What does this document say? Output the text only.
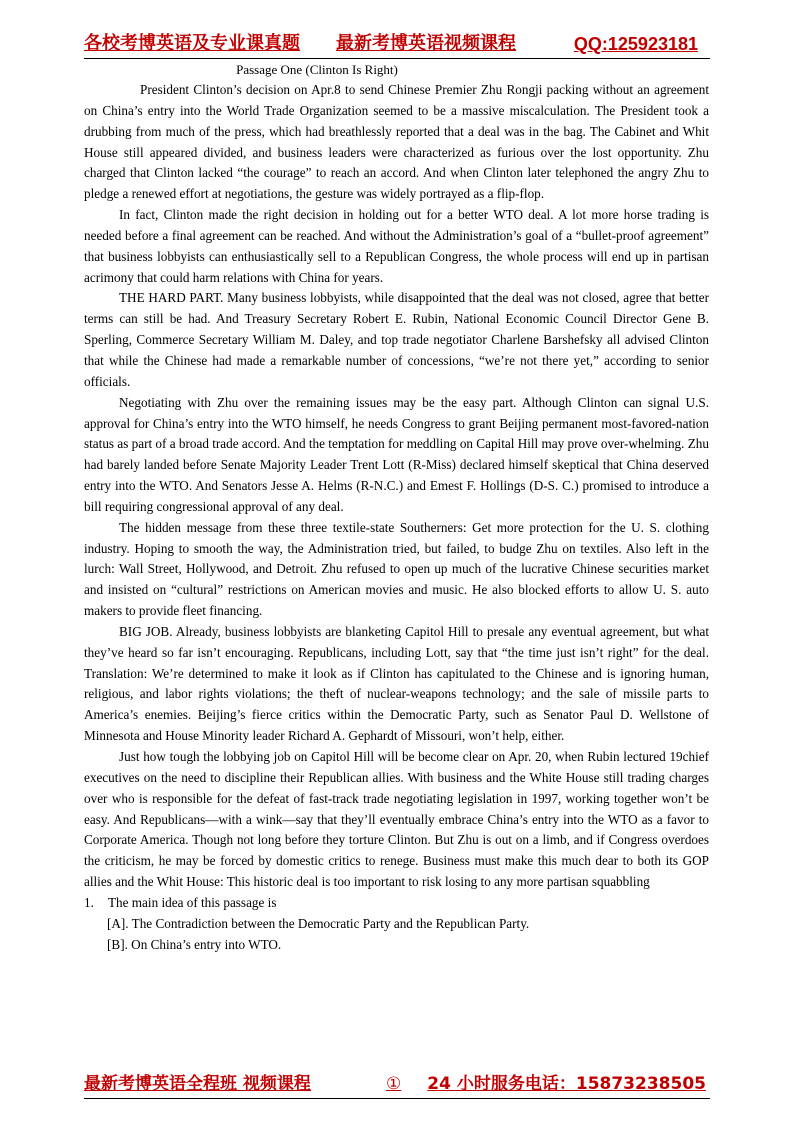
各校考博英语及专业课真题 最新考博英语视频课程	QQ:125923181
Passage One (Clinton Is Right)

President Clinton’s decision on Apr.8 to send Chinese Premier Zhu Rongji packing without an agreement on China’s entry into the World Trade Organization seemed to be a massive miscalculation. The President took a drubbing from much of the press, which had breathlessly reported that a deal was in the bag. The Cabinet and Whit House still appeared divided, and business leaders were characterized as furious over the lost opportunity. Zhu charged that Clinton lacked “the courage” to reach an accord. And when Clinton later telephoned the angry Zhu to pledge a renewed effort at negotiations, the gesture was widely portrayed as a flip-flop.

In fact, Clinton made the right decision in holding out for a better WTO deal. A lot more horse trading is needed before a final agreement can be reached. And without the Administration’s goal of a “bullet-proof agreement” that business lobbyists can enthusiastically sell to a Republican Congress, the whole process will end up in partisan acrimony that could harm relations with China for years.

THE HARD PART. Many business lobbyists, while disappointed that the deal was not closed, agree that better terms can still be had. And Treasury Secretary Robert E. Rubin, National Economic Council Director Gene B. Sperling, Commerce Secretary William M. Daley, and top trade negotiator Charlene Barshefsky all advised Clinton that while the Chinese had made a remarkable number of concessions, “we’re not there yet,” according to senior officials.

Negotiating with Zhu over the remaining issues may be the easy part. Although Clinton can signal U.S. approval for China’s entry into the WTO himself, he needs Congress to grant Beijing permanent most-favored-nation status as part of a broad trade accord. And the temptation for meddling on Capital Hill may prove over-whelming. Zhu had barely landed before Senate Majority Leader Trent Lott (R-Miss) declared himself skeptical that China deserved entry into the WTO. And Senators Jesse A. Helms (R-N.C.) and Emest F. Hollings (D-S. C.) promised to introduce a bill requiring congressional approval of any deal.

The hidden message from these three textile-state Southerners: Get more protection for the U. S. clothing industry. Hoping to smooth the way, the Administration tried, but failed, to budge Zhu on textiles. Also left in the lurch: Wall Street, Hollywood, and Detroit. Zhu refused to open up much of the lucrative Chinese securities market and insisted on “cultural” restrictions on American movies and music. He also blocked efforts to allow U. S. auto makers to provide fleet financing.

BIG JOB. Already, business lobbyists are blanketing Capitol Hill to presale any eventual agreement, but what they’ve heard so far isn’t encouraging. Republicans, including Lott, say that “the time just isn’t right” for the deal. Translation: We’re determined to make it look as if Clinton has capitulated to the Chinese and is ignoring human, religious, and labor rights violations; the theft of nuclear-weapons technology; and the sale of missile parts to America’s enemies. Beijing’s fierce critics within the Democratic Party, such as Senator Paul D. Wellstone of Minnesota and House Minority leader Richard A. Gephardt of Missouri, won’t help, either.

Just how tough the lobbying job on Capitol Hill will be become clear on Apr. 20, when Rubin lectured 19chief executives on the need to discipline their Republican allies. With business and the White House still trading charges over who is responsible for the defeat of fast-track trade negotiating legislation in 1997, working together won’t be easy. And Republicans—with a wink—say that they’ll eventually embrace China’s entry into the WTO as a favor to Corporate America. Though not long before they torture Clinton. But Zhu is out on a limb, and if Congress overdoes the criticism, he may be forced by domestic critics to renege. Business must make this much dear to both its GOP allies and the Whit House: This historic deal is too important to risk losing to any more partisan squabbling

1. The main idea of this passage is

[A]. The Contradiction between the Democratic Party and the Republican Party.

[B]. On China’s entry into WTO.

最新考博英语全程班 视频课程	① 24 小时服务电话：15873238505
